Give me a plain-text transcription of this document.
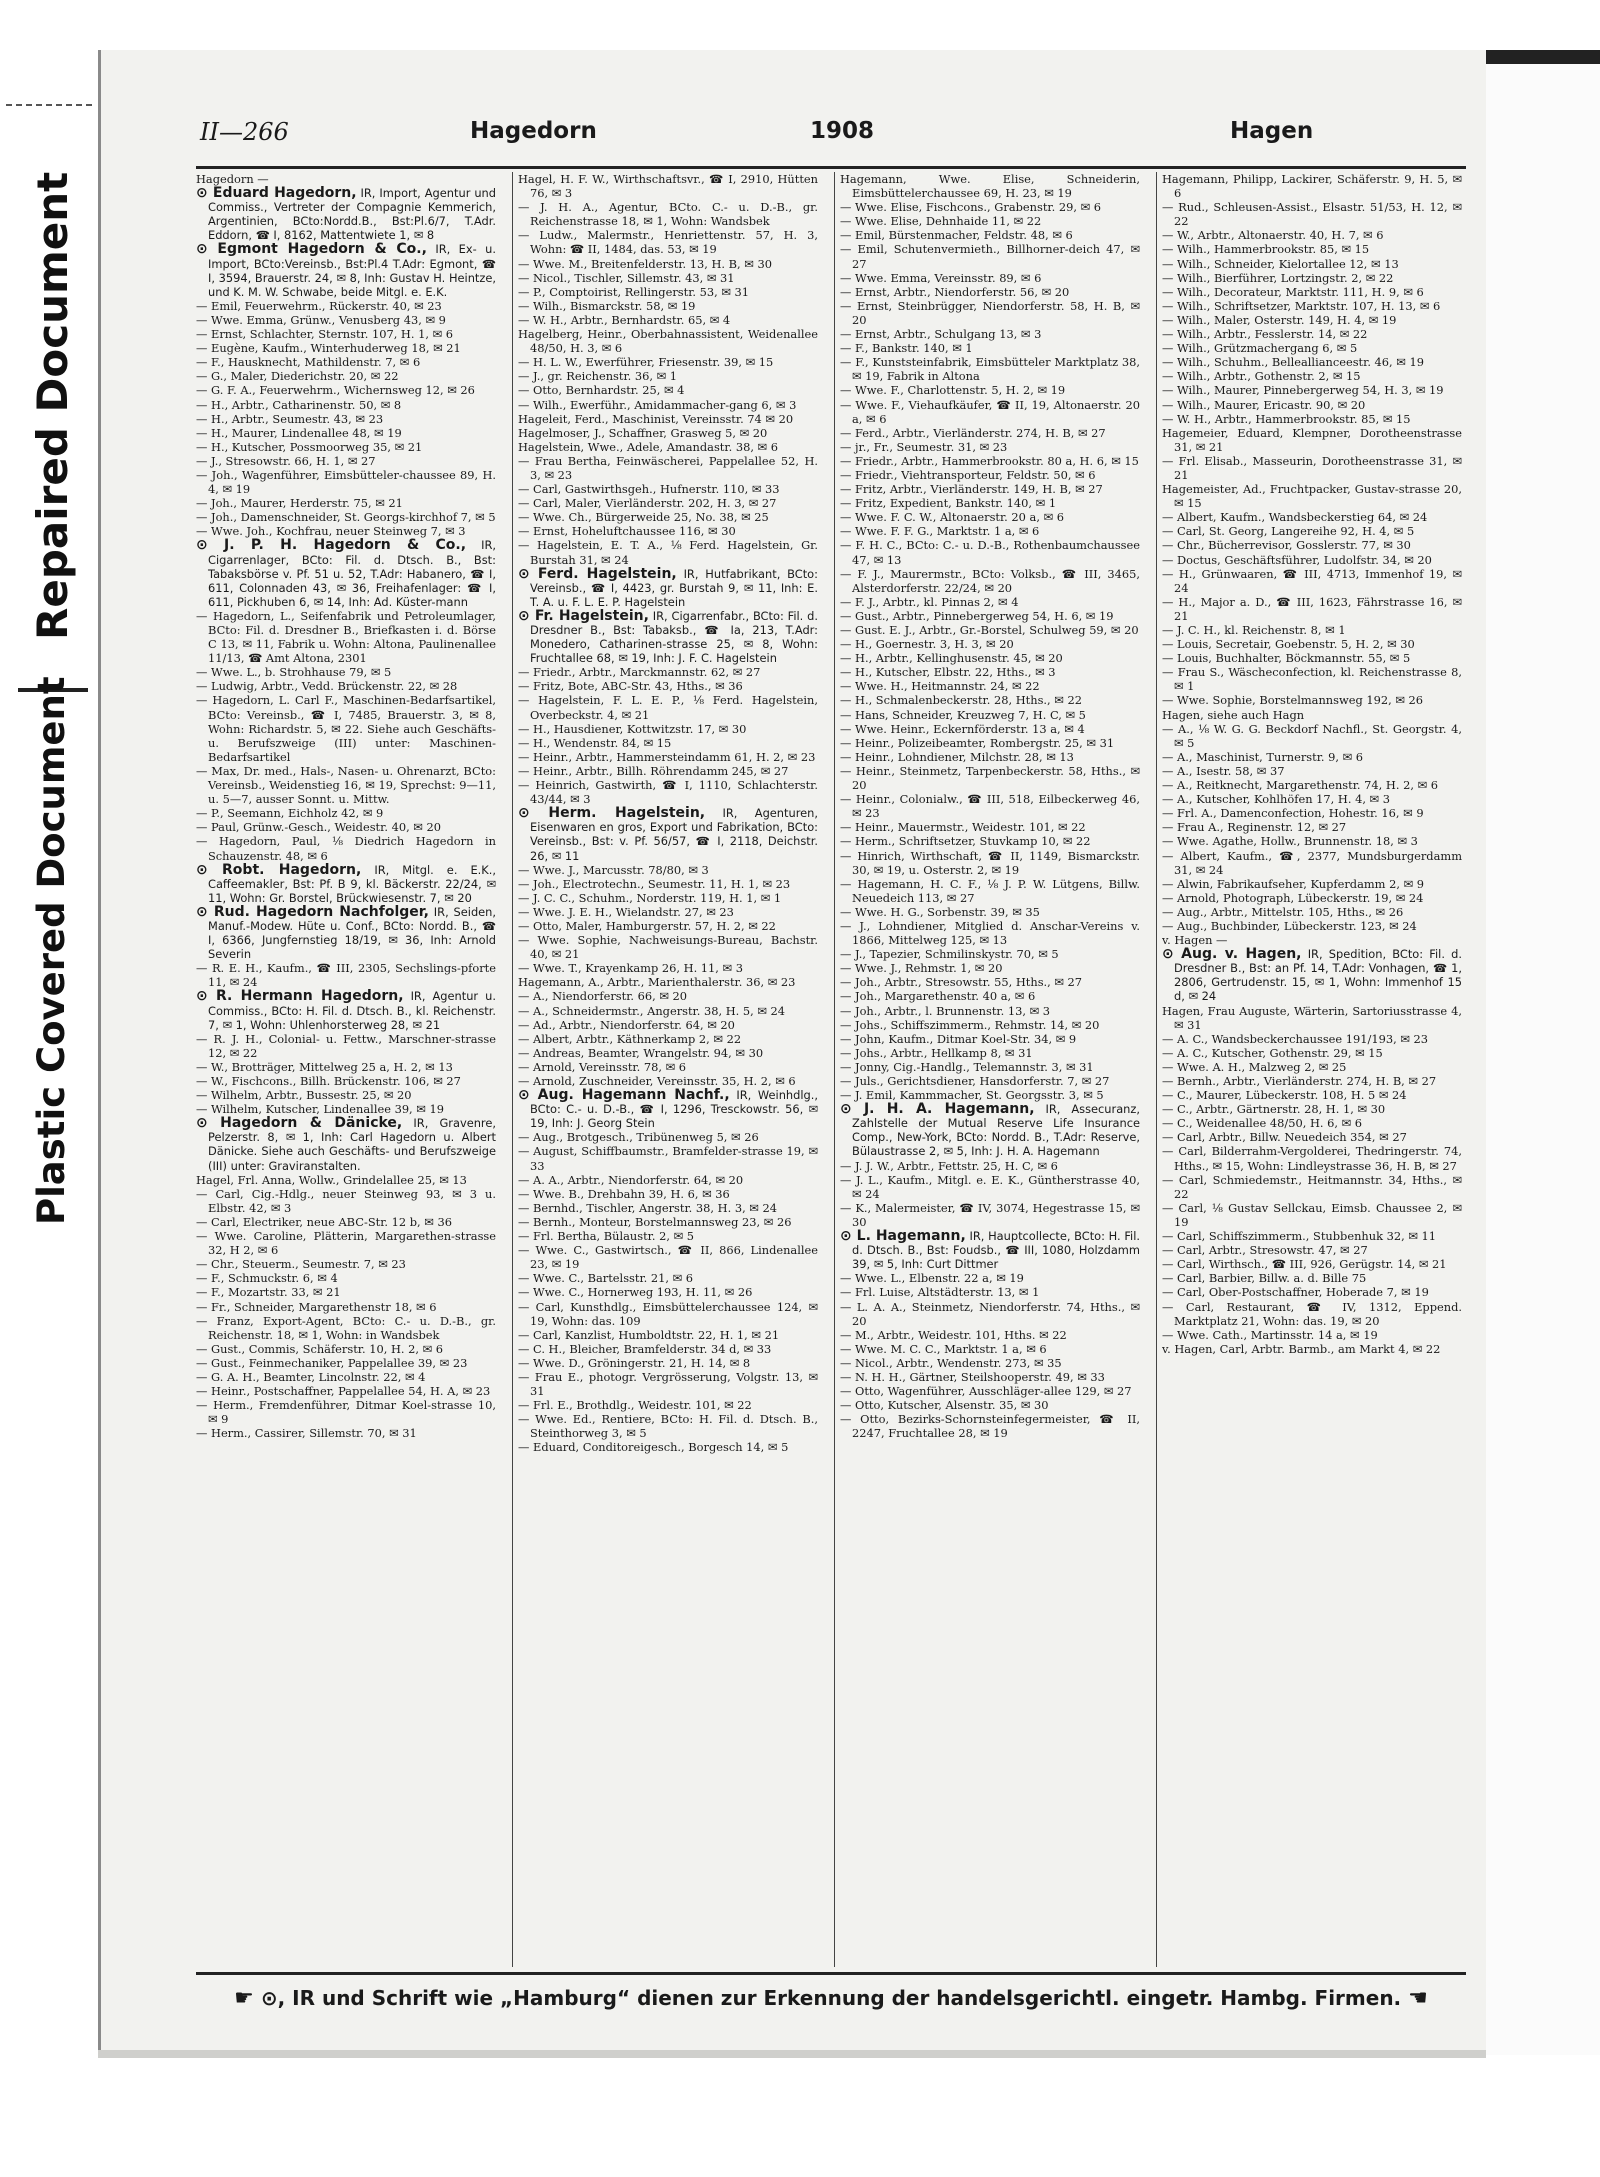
Repaired Document
Plastic Covered Document
II—266	Hagedorn	1908	Hagen

Hagedorn —

⊙ Eduard Hagedorn, IR, Import, Agentur und Commiss., Vertreter der Compagnie Kemmerich, Argentinien, BCto:Nordd.B., Bst:Pl.6/7, T.Adr. Eddorn, ☎ I, 8162, Mattentwiete 1, ✉ 8

⊙ Egmont Hagedorn & Co., IR, Ex- u. Import, BCto:Vereinsb., Bst:Pl.4 T.Adr: Egmont, ☎ I, 3594, Brauerstr. 24, ✉ 8, Inh: Gustav H. Heintze, und K. M. W. Schwabe, beide Mitgl. e. E.K.

— Emil, Feuerwehrm., Rückerstr. 40, ✉ 23

— Wwe. Emma, Grünw., Venusberg 43, ✉ 9

— Ernst, Schlachter, Sternstr. 107, H. 1, ✉ 6

— Eugène, Kaufm., Winterhuderweg 18, ✉ 21

— F., Hausknecht, Mathildenstr. 7, ✉ 6

— G., Maler, Diederichstr. 20, ✉ 22

— G. F. A., Feuerwehrm., Wichernsweg 12, ✉ 26

— H., Arbtr., Catharinenstr. 50, ✉ 8

— H., Arbtr., Seumestr. 43, ✉ 23

— H., Maurer, Lindenallee 48, ✉ 19

— H., Kutscher, Possmoorweg 35, ✉ 21

— J., Stresowstr. 66, H. 1, ✉ 27

— Joh., Wagenführer, Eimsbütteler-chaussee 89, H. 4, ✉ 19

— Joh., Maurer, Herderstr. 75, ✉ 21

— Joh., Damenschneider, St. Georgs-kirchhof 7, ✉ 5

— Wwe. Joh., Kochfrau, neuer Steinweg 7, ✉ 3

⊙ J. P. H. Hagedorn & Co., IR, Cigarrenlager, BCto: Fil. d. Dtsch. B., Bst: Tabaksbörse v. Pf. 51 u. 52, T.Adr: Habanero, ☎ I, 611, Colonnaden 43, ✉ 36, Freihafenlager: ☎ I, 611, Pickhuben 6, ✉ 14, Inh: Ad. Küster-mann

— Hagedorn, L., Seifenfabrik und Petroleumlager, BCto: Fil. d. Dresdner B., Briefkasten i. d. Börse C 13, ✉ 11, Fabrik u. Wohn: Altona, Paulinenallee 11/13, ☎ Amt Altona, 2301

— Wwe. L., b. Strohhause 79, ✉ 5

— Ludwig, Arbtr., Vedd. Brückenstr. 22, ✉ 28

— Hagedorn, L. Carl F., Maschinen-Bedarfsartikel, BCto: Vereinsb., ☎ I, 7485, Brauerstr. 3, ✉ 8, Wohn: Richardstr. 5, ✉ 22. Siehe auch Geschäfts- u. Berufszweige (III) unter: Maschinen-Bedarfsartikel

— Max, Dr. med., Hals-, Nasen- u. Ohrenarzt, BCto: Vereinsb., Weidenstieg 16, ✉ 19, Sprechst: 9—11, u. 5—7, ausser Sonnt. u. Mittw.

— P., Seemann, Eichholz 42, ✉ 9

— Paul, Grünw.-Gesch., Weidestr. 40, ✉ 20

— Hagedorn, Paul, ⅛ Diedrich Hagedorn in Schauzenstr. 48, ✉ 6

⊙ Robt. Hagedorn, IR, Mitgl. e. E.K., Caffeemakler, Bst: Pf. B 9, kl. Bäckerstr. 22/24, ✉ 11, Wohn: Gr. Borstel, Brückwiesenstr. 7, ✉ 20

⊙ Rud. Hagedorn Nachfolger, IR, Seiden, Manuf.-Modew. Hüte u. Conf., BCto: Nordd. B., ☎ I, 6366, Jungfernstieg 18/19, ✉ 36, Inh: Arnold Severin

— R. E. H., Kaufm., ☎ III, 2305, Sechslings-pforte 11, ✉ 24

⊙ R. Hermann Hagedorn, IR, Agentur u. Commiss., BCto: H. Fil. d. Dtsch. B., kl. Reichenstr. 7, ✉ 1, Wohn: Uhlenhorsterweg 28, ✉ 21

— R. J. H., Colonial- u. Fettw., Marschner-strasse 12, ✉ 22

— W., Brotträger, Mittelweg 25 a, H. 2, ✉ 13

— W., Fischcons., Billh. Brückenstr. 106, ✉ 27

— Wilhelm, Arbtr., Bussestr. 25, ✉ 20

— Wilhelm, Kutscher, Lindenallee 39, ✉ 19

⊙ Hagedorn & Dänicke, IR, Gravenre, Pelzerstr. 8, ✉ 1, Inh: Carl Hagedorn u. Albert Dänicke. Siehe auch Geschäfts- und Berufszweige (III) unter: Graviranstalten.

Hagel, Frl. Anna, Wollw., Grindelallee 25, ✉ 13

— Carl, Cig.-Hdlg., neuer Steinweg 93, ✉ 3 u. Elbstr. 42, ✉ 3

— Carl, Electriker, neue ABC-Str. 12 b, ✉ 36

— Wwe. Caroline, Plätterin, Margarethen-strasse 32, H 2, ✉ 6

— Chr., Steuerm., Seumestr. 7, ✉ 23

— F., Schmuckstr. 6, ✉ 4

— F., Mozartstr. 33, ✉ 21

— Fr., Schneider, Margarethenstr 18, ✉ 6

— Franz, Export-Agent, BCto: C.- u. D.-B., gr. Reichenstr. 18, ✉ 1, Wohn: in Wandsbek

— Gust., Commis, Schäferstr. 10, H. 2, ✉ 6

— Gust., Feinmechaniker, Pappelallee 39, ✉ 23

— G. A. H., Beamter, Lincolnstr. 22, ✉ 4

— Heinr., Postschaffner, Pappelallee 54, H. A, ✉ 23

— Herm., Fremdenführer, Ditmar Koel-strasse 10, ✉ 9

— Herm., Cassirer, Sillemstr. 70, ✉ 31

Hagel, H. F. W., Wirthschaftsvr., ☎ I, 2910, Hütten 76, ✉ 3

— J. H. A., Agentur, BCto. C.- u. D.-B., gr. Reichenstrasse 18, ✉ 1, Wohn: Wandsbek

— Ludw., Malermstr., Henriettenstr. 57, H. 3, Wohn: ☎ II, 1484, das. 53, ✉ 19

— Wwe. M., Breitenfelderstr. 13, H. B, ✉ 30

— Nicol., Tischler, Sillemstr. 43, ✉ 31

— P., Comptoirist, Rellingerstr. 53, ✉ 31

— Wilh., Bismarckstr. 58, ✉ 19

— W. H., Arbtr., Bernhardstr. 65, ✉ 4

Hagelberg, Heinr., Oberbahnassistent, Weidenallee 48/50, H. 3, ✉ 6

— H. L. W., Ewerführer, Friesenstr. 39, ✉ 15

— J., gr. Reichenstr. 36, ✉ 1

— Otto, Bernhardstr. 25, ✉ 4

— Wilh., Ewerführ., Amidammacher-gang 6, ✉ 3

Hageleit, Ferd., Maschinist, Vereinsstr. 74 ✉ 20

Hagelmoser, J., Schaffner, Grasweg 5, ✉ 20

Hagelstein, Wwe., Adele, Amandastr. 38, ✉ 6

— Frau Bertha, Feinwäscherei, Pappelallee 52, H. 3, ✉ 23

— Carl, Gastwirthsgeh., Hufnerstr. 110, ✉ 33

— Carl, Maler, Vierländerstr. 202, H. 3, ✉ 27

— Wwe. Ch., Bürgerweide 25, No. 38, ✉ 25

— Ernst, Hoheluftchaussee 116, ✉ 30

— Hagelstein, E. T. A., ⅛ Ferd. Hagelstein, Gr. Burstah 31, ✉ 24

⊙ Ferd. Hagelstein, IR, Hutfabrikant, BCto: Vereinsb., ☎ I, 4423, gr. Burstah 9, ✉ 11, Inh: E. T. A. u. F. L. E. P. Hagelstein

⊙ Fr. Hagelstein, IR, Cigarrenfabr., BCto: Fil. d. Dresdner B., Bst: Tabaksb., ☎ Ia, 213, T.Adr: Monedero, Catharinen-strasse 25, ✉ 8, Wohn: Fruchtallee 68, ✉ 19, Inh: J. F. C. Hagelstein

— Friedr., Arbtr., Marckmannstr. 62, ✉ 27

— Fritz, Bote, ABC-Str. 43, Hths., ✉ 36

— Hagelstein, F. L. E. P., ⅛ Ferd. Hagelstein, Overbeckstr. 4, ✉ 21

— H., Hausdiener, Kottwitzstr. 17, ✉ 30

— H., Wendenstr. 84, ✉ 15

— Heinr., Arbtr., Hammersteindamm 61, H. 2, ✉ 23

— Heinr., Arbtr., Billh. Röhrendamm 245, ✉ 27

— Heinrich, Gastwirth, ☎ I, 1110, Schlachterstr. 43/44, ✉ 3

⊙ Herm. Hagelstein, IR, Agenturen, Eisenwaren en gros, Export und Fabrikation, BCto: Vereinsb., Bst: v. Pf. 56/57, ☎ I, 2118, Deichstr. 26, ✉ 11

— Wwe. J., Marcusstr. 78/80, ✉ 3

— Joh., Electrotechn., Seumestr. 11, H. 1, ✉ 23

— J. C. C., Schuhm., Norderstr. 119, H. 1, ✉ 1

— Wwe. J. E. H., Wielandstr. 27, ✉ 23

— Otto, Maler, Hamburgerstr. 57, H. 2, ✉ 22

— Wwe. Sophie, Nachweisungs-Bureau, Bachstr. 40, ✉ 21

— Wwe. T., Krayenkamp 26, H. 11, ✉ 3

Hagemann, A., Arbtr., Marienthalerstr. 36, ✉ 23

— A., Niendorferstr. 66, ✉ 20

— A., Schneidermstr., Angerstr. 38, H. 5, ✉ 24

— Ad., Arbtr., Niendorferstr. 64, ✉ 20

— Albert, Arbtr., Käthnerkamp 2, ✉ 22

— Andreas, Beamter, Wrangelstr. 94, ✉ 30

— Arnold, Vereinsstr. 78, ✉ 6

— Arnold, Zuschneider, Vereinsstr. 35, H. 2, ✉ 6

⊙ Aug. Hagemann Nachf., IR, Weinhdlg., BCto: C.- u. D.-B., ☎ I, 1296, Tresckowstr. 56, ✉ 19, Inh: J. Georg Stein

— Aug., Brotgesch., Tribünenweg 5, ✉ 26

— August, Schiffbaumstr., Bramfelder-strasse 19, ✉ 33

— A. A., Arbtr., Niendorferstr. 64, ✉ 20

— Wwe. B., Drehbahn 39, H. 6, ✉ 36

— Bernhd., Tischler, Angerstr. 38, H. 3, ✉ 24

— Bernh., Monteur, Borstelmannsweg 23, ✉ 26

— Frl. Bertha, Bülaustr. 2, ✉ 5

— Wwe. C., Gastwirtsch., ☎ II, 866, Lindenallee 23, ✉ 19

— Wwe. C., Bartelsstr. 21, ✉ 6

— Wwe. C., Hornerweg 193, H. 11, ✉ 26

— Carl, Kunsthdlg., Eimsbüttelerchaussee 124, ✉ 19, Wohn: das. 109

— Carl, Kanzlist, Humboldtstr. 22, H. 1, ✉ 21

— C. H., Bleicher, Bramfelderstr. 34 d, ✉ 33

— Wwe. D., Gröningerstr. 21, H. 14, ✉ 8

— Frau E., photogr. Vergrösserung, Volgstr. 13, ✉ 31

— Frl. E., Brothdlg., Weidestr. 101, ✉ 22

— Wwe. Ed., Rentiere, BCto: H. Fil. d. Dtsch. B., Steinthorweg 3, ✉ 5

— Eduard, Conditoreigesch., Borgesch 14, ✉ 5

Hagemann, Wwe. Elise, Schneiderin, Eimsbüttelerchaussee 69, H. 23, ✉ 19

— Wwe. Elise, Fischcons., Grabenstr. 29, ✉ 6

— Wwe. Elise, Dehnhaide 11, ✉ 22

— Emil, Bürstenmacher, Feldstr. 48, ✉ 6

— Emil, Schutenvermieth., Billhorner-deich 47, ✉ 27

— Wwe. Emma, Vereinsstr. 89, ✉ 6

— Ernst, Arbtr., Niendorferstr. 56, ✉ 20

— Ernst, Steinbrügger, Niendorferstr. 58, H. B, ✉ 20

— Ernst, Arbtr., Schulgang 13, ✉ 3

— F., Bankstr. 140, ✉ 1

— F., Kunststeinfabrik, Eimsbütteler Marktplatz 38, ✉ 19, Fabrik in Altona

— Wwe. F., Charlottenstr. 5, H. 2, ✉ 19

— Wwe. F., Viehaufkäufer, ☎ II, 19, Altonaerstr. 20 a, ✉ 6

— Ferd., Arbtr., Vierländerstr. 274, H. B, ✉ 27

— jr., Fr., Seumestr. 31, ✉ 23

— Friedr., Arbtr., Hammerbrookstr. 80 a, H. 6, ✉ 15

— Friedr., Viehtransporteur, Feldstr. 50, ✉ 6

— Fritz, Arbtr., Vierländerstr. 149, H. B, ✉ 27

— Fritz, Expedient, Bankstr. 140, ✉ 1

— Wwe. F. C. W., Altonaerstr. 20 a, ✉ 6

— Wwe. F. F. G., Marktstr. 1 a, ✉ 6

— F. H. C., BCto: C.- u. D.-B., Rothenbaumchaussee 47, ✉ 13

— F. J., Maurermstr., BCto: Volksb., ☎ III, 3465, Alsterdorferstr. 22/24, ✉ 20

— F. J., Arbtr., kl. Pinnas 2, ✉ 4

— Gust., Arbtr., Pinnebergerweg 54, H. 6, ✉ 19

— Gust. E. J., Arbtr., Gr.-Borstel, Schulweg 59, ✉ 20

— H., Goernestr. 3, H. 3, ✉ 20

— H., Arbtr., Kellinghusenstr. 45, ✉ 20

— H., Kutscher, Elbstr. 22, Hths., ✉ 3

— Wwe. H., Heitmannstr. 24, ✉ 22

— H., Schmalenbeckerstr. 28, Hths., ✉ 22

— Hans, Schneider, Kreuzweg 7, H. C, ✉ 5

— Wwe. Heinr., Eckernförderstr. 13 a, ✉ 4

— Heinr., Polizeibeamter, Rombergstr. 25, ✉ 31

— Heinr., Lohndiener, Milchstr. 28, ✉ 13

— Heinr., Steinmetz, Tarpenbeckerstr. 58, Hths., ✉ 20

— Heinr., Colonialw., ☎ III, 518, Eilbeckerweg 46, ✉ 23

— Heinr., Mauermstr., Weidestr. 101, ✉ 22

— Herm., Schriftsetzer, Stuvkamp 10, ✉ 22

— Hinrich, Wirthschaft, ☎ II, 1149, Bismarckstr. 30, ✉ 19, u. Osterstr. 2, ✉ 19

— Hagemann, H. C. F., ⅛ J. P. W. Lütgens, Billw. Neuedeich 113, ✉ 27

— Wwe. H. G., Sorbenstr. 39, ✉ 35

— J., Lohndiener, Mitglied d. Anschar-Vereins v. 1866, Mittelweg 125, ✉ 13

— J., Tapezier, Schmilinskystr. 70, ✉ 5

— Wwe. J., Rehmstr. 1, ✉ 20

— Joh., Arbtr., Stresowstr. 55, Hths., ✉ 27

— Joh., Margarethenstr. 40 a, ✉ 6

— Joh., Arbtr., l. Brunnenstr. 13, ✉ 3

— Johs., Schiffszimmerm., Rehmstr. 14, ✉ 20

— John, Kaufm., Ditmar Koel-Str. 34, ✉ 9

— Johs., Arbtr., Hellkamp 8, ✉ 31

— Jonny, Cig.-Handlg., Telemannstr. 3, ✉ 31

— Juls., Gerichtsdiener, Hansdorferstr. 7, ✉ 27

— J. Emil, Kammmacher, St. Georgsstr. 3, ✉ 5

⊙ J. H. A. Hagemann, IR, Assecuranz, Zahlstelle der Mutual Reserve Life Insurance Comp., New-York, BCto: Nordd. B., T.Adr: Reserve, Bülaustrasse 2, ✉ 5, Inh: J. H. A. Hagemann

— J. J. W., Arbtr., Fettstr. 25, H. C, ✉ 6

— J. L., Kaufm., Mitgl. e. E. K., Güntherstrasse 40, ✉ 24

— K., Malermeister, ☎ IV, 3074, Hegestrasse 15, ✉ 30

⊙ L. Hagemann, IR, Hauptcollecte, BCto: H. Fil. d. Dtsch. B., Bst: Foudsb., ☎ III, 1080, Holzdamm 39, ✉ 5, Inh: Curt Dittmer

— Wwe. L., Elbenstr. 22 a, ✉ 19

— Frl. Luise, Altstädterstr. 13, ✉ 1

— L. A. A., Steinmetz, Niendorferstr. 74, Hths., ✉ 20

— M., Arbtr., Weidestr. 101, Hths. ✉ 22

— Wwe. M. C. C., Marktstr. 1 a, ✉ 6

— Nicol., Arbtr., Wendenstr. 273, ✉ 35

— N. H. H., Gärtner, Steilshooperstr. 49, ✉ 33

— Otto, Wagenführer, Ausschläger-allee 129, ✉ 27

— Otto, Kutscher, Alsenstr. 35, ✉ 30

— Otto, Bezirks-Schornsteinfegermeister, ☎ II, 2247, Fruchtallee 28, ✉ 19

Hagemann, Philipp, Lackirer, Schäferstr. 9, H. 5, ✉ 6

— Rud., Schleusen-Assist., Elsastr. 51/53, H. 12, ✉ 22

— W., Arbtr., Altonaerstr. 40, H. 7, ✉ 6

— Wilh., Hammerbrookstr. 85, ✉ 15

— Wilh., Schneider, Kielortallee 12, ✉ 13

— Wilh., Bierführer, Lortzingstr. 2, ✉ 22

— Wilh., Decorateur, Marktstr. 111, H. 9, ✉ 6

— Wilh., Schriftsetzer, Marktstr. 107, H. 13, ✉ 6

— Wilh., Maler, Osterstr. 149, H. 4, ✉ 19

— Wilh., Arbtr., Fesslerstr. 14, ✉ 22

— Wilh., Grützmachergang 6, ✉ 5

— Wilh., Schuhm., Belleallianceestr. 46, ✉ 19

— Wilh., Arbtr., Gothenstr. 2, ✉ 15

— Wilh., Maurer, Pinnebergerweg 54, H. 3, ✉ 19

— Wilh., Maurer, Ericastr. 90, ✉ 20

— W. H., Arbtr., Hammerbrookstr. 85, ✉ 15

Hagemeier, Eduard, Klempner, Dorotheenstrasse 31, ✉ 21

— Frl. Elisab., Masseurin, Dorotheenstrasse 31, ✉ 21

Hagemeister, Ad., Fruchtpacker, Gustav-strasse 20, ✉ 15

— Albert, Kaufm., Wandsbeckerstieg 64, ✉ 24

— Carl, St. Georg, Langereihe 92, H. 4, ✉ 5

— Chr., Bücherrevisor, Gosslerstr. 77, ✉ 30

— Doctus, Geschäftsführer, Ludolfstr. 34, ✉ 20

— H., Grünwaaren, ☎ III, 4713, Immenhof 19, ✉ 24

— H., Major a. D., ☎ III, 1623, Fährstrasse 16, ✉ 21

— J. C. H., kl. Reichenstr. 8, ✉ 1

— Louis, Secretair, Goebenstr. 5, H. 2, ✉ 30

— Louis, Buchhalter, Böckmannstr. 55, ✉ 5

— Frau S., Wäscheconfection, kl. Reichenstrasse 8, ✉ 1

— Wwe. Sophie, Borstelmannsweg 192, ✉ 26

Hagen, siehe auch Hagn

— A., ⅛ W. G. G. Beckdorf Nachfl., St. Georgstr. 4, ✉ 5

— A., Maschinist, Turnerstr. 9, ✉ 6

— A., Isestr. 58, ✉ 37

— A., Reitknecht, Margarethenstr. 74, H. 2, ✉ 6

— A., Kutscher, Kohlhöfen 17, H. 4, ✉ 3

— Frl. A., Damenconfection, Hohestr. 16, ✉ 9

— Frau A., Reginenstr. 12, ✉ 27

— Wwe. Agathe, Hollw., Brunnenstr. 18, ✉ 3

— Albert, Kaufm., ☎, 2377, Mundsburgerdamm 31, ✉ 24

— Alwin, Fabrikaufseher, Kupferdamm 2, ✉ 9

— Arnold, Photograph, Lübeckerstr. 19, ✉ 24

— Aug., Arbtr., Mittelstr. 105, Hths., ✉ 26

— Aug., Buchbinder, Lübeckerstr. 123, ✉ 24

v. Hagen —

⊙ Aug. v. Hagen, IR, Spedition, BCto: Fil. d. Dresdner B., Bst: an Pf. 14, T.Adr: Vonhagen, ☎ 1, 2806, Gertrudenstr. 15, ✉ 1, Wohn: Immenhof 15 d, ✉ 24

Hagen, Frau Auguste, Wärterin, Sartoriusstrasse 4, ✉ 31

— A. C., Wandsbeckerchaussee 191/193, ✉ 23

— A. C., Kutscher, Gothenstr. 29, ✉ 15

— Wwe. A. H., Malzweg 2, ✉ 25

— Bernh., Arbtr., Vierländerstr. 274, H. B, ✉ 27

— C., Maurer, Lübeckerstr. 108, H. 5 ✉ 24

— C., Arbtr., Gärtnerstr. 28, H. 1, ✉ 30

— C., Weidenallee 48/50, H. 6, ✉ 6

— Carl, Arbtr., Billw. Neuedeich 354, ✉ 27

— Carl, Bilderrahm-Vergolderei, Thedringerstr. 74, Hths., ✉ 15, Wohn: Lindleystrasse 36, H. B, ✉ 27

— Carl, Schmiedemstr., Heitmannstr. 34, Hths., ✉ 22

— Carl, ⅛ Gustav Sellckau, Eimsb. Chaussee 2, ✉ 19

— Carl, Schiffszimmerm., Stubbenhuk 32, ✉ 11

— Carl, Arbtr., Stresowstr. 47, ✉ 27

— Carl, Wirthsch., ☎ III, 926, Gerügstr. 14, ✉ 21

— Carl, Barbier, Billw. a. d. Bille 75

— Carl, Ober-Postschaffner, Hoberade 7, ✉ 19

— Carl, Restaurant, ☎ IV, 1312, Eppend. Marktplatz 21, Wohn: das. 19, ✉ 20

— Wwe. Cath., Martinsstr. 14 a, ✉ 19

v. Hagen, Carl, Arbtr. Barmb., am Markt 4, ✉ 22

☛ ⊙, IR und Schrift wie „Hamburg“ dienen zur Erkennung der handelsgerichtl. eingetr. Hambg. Firmen. ☚
